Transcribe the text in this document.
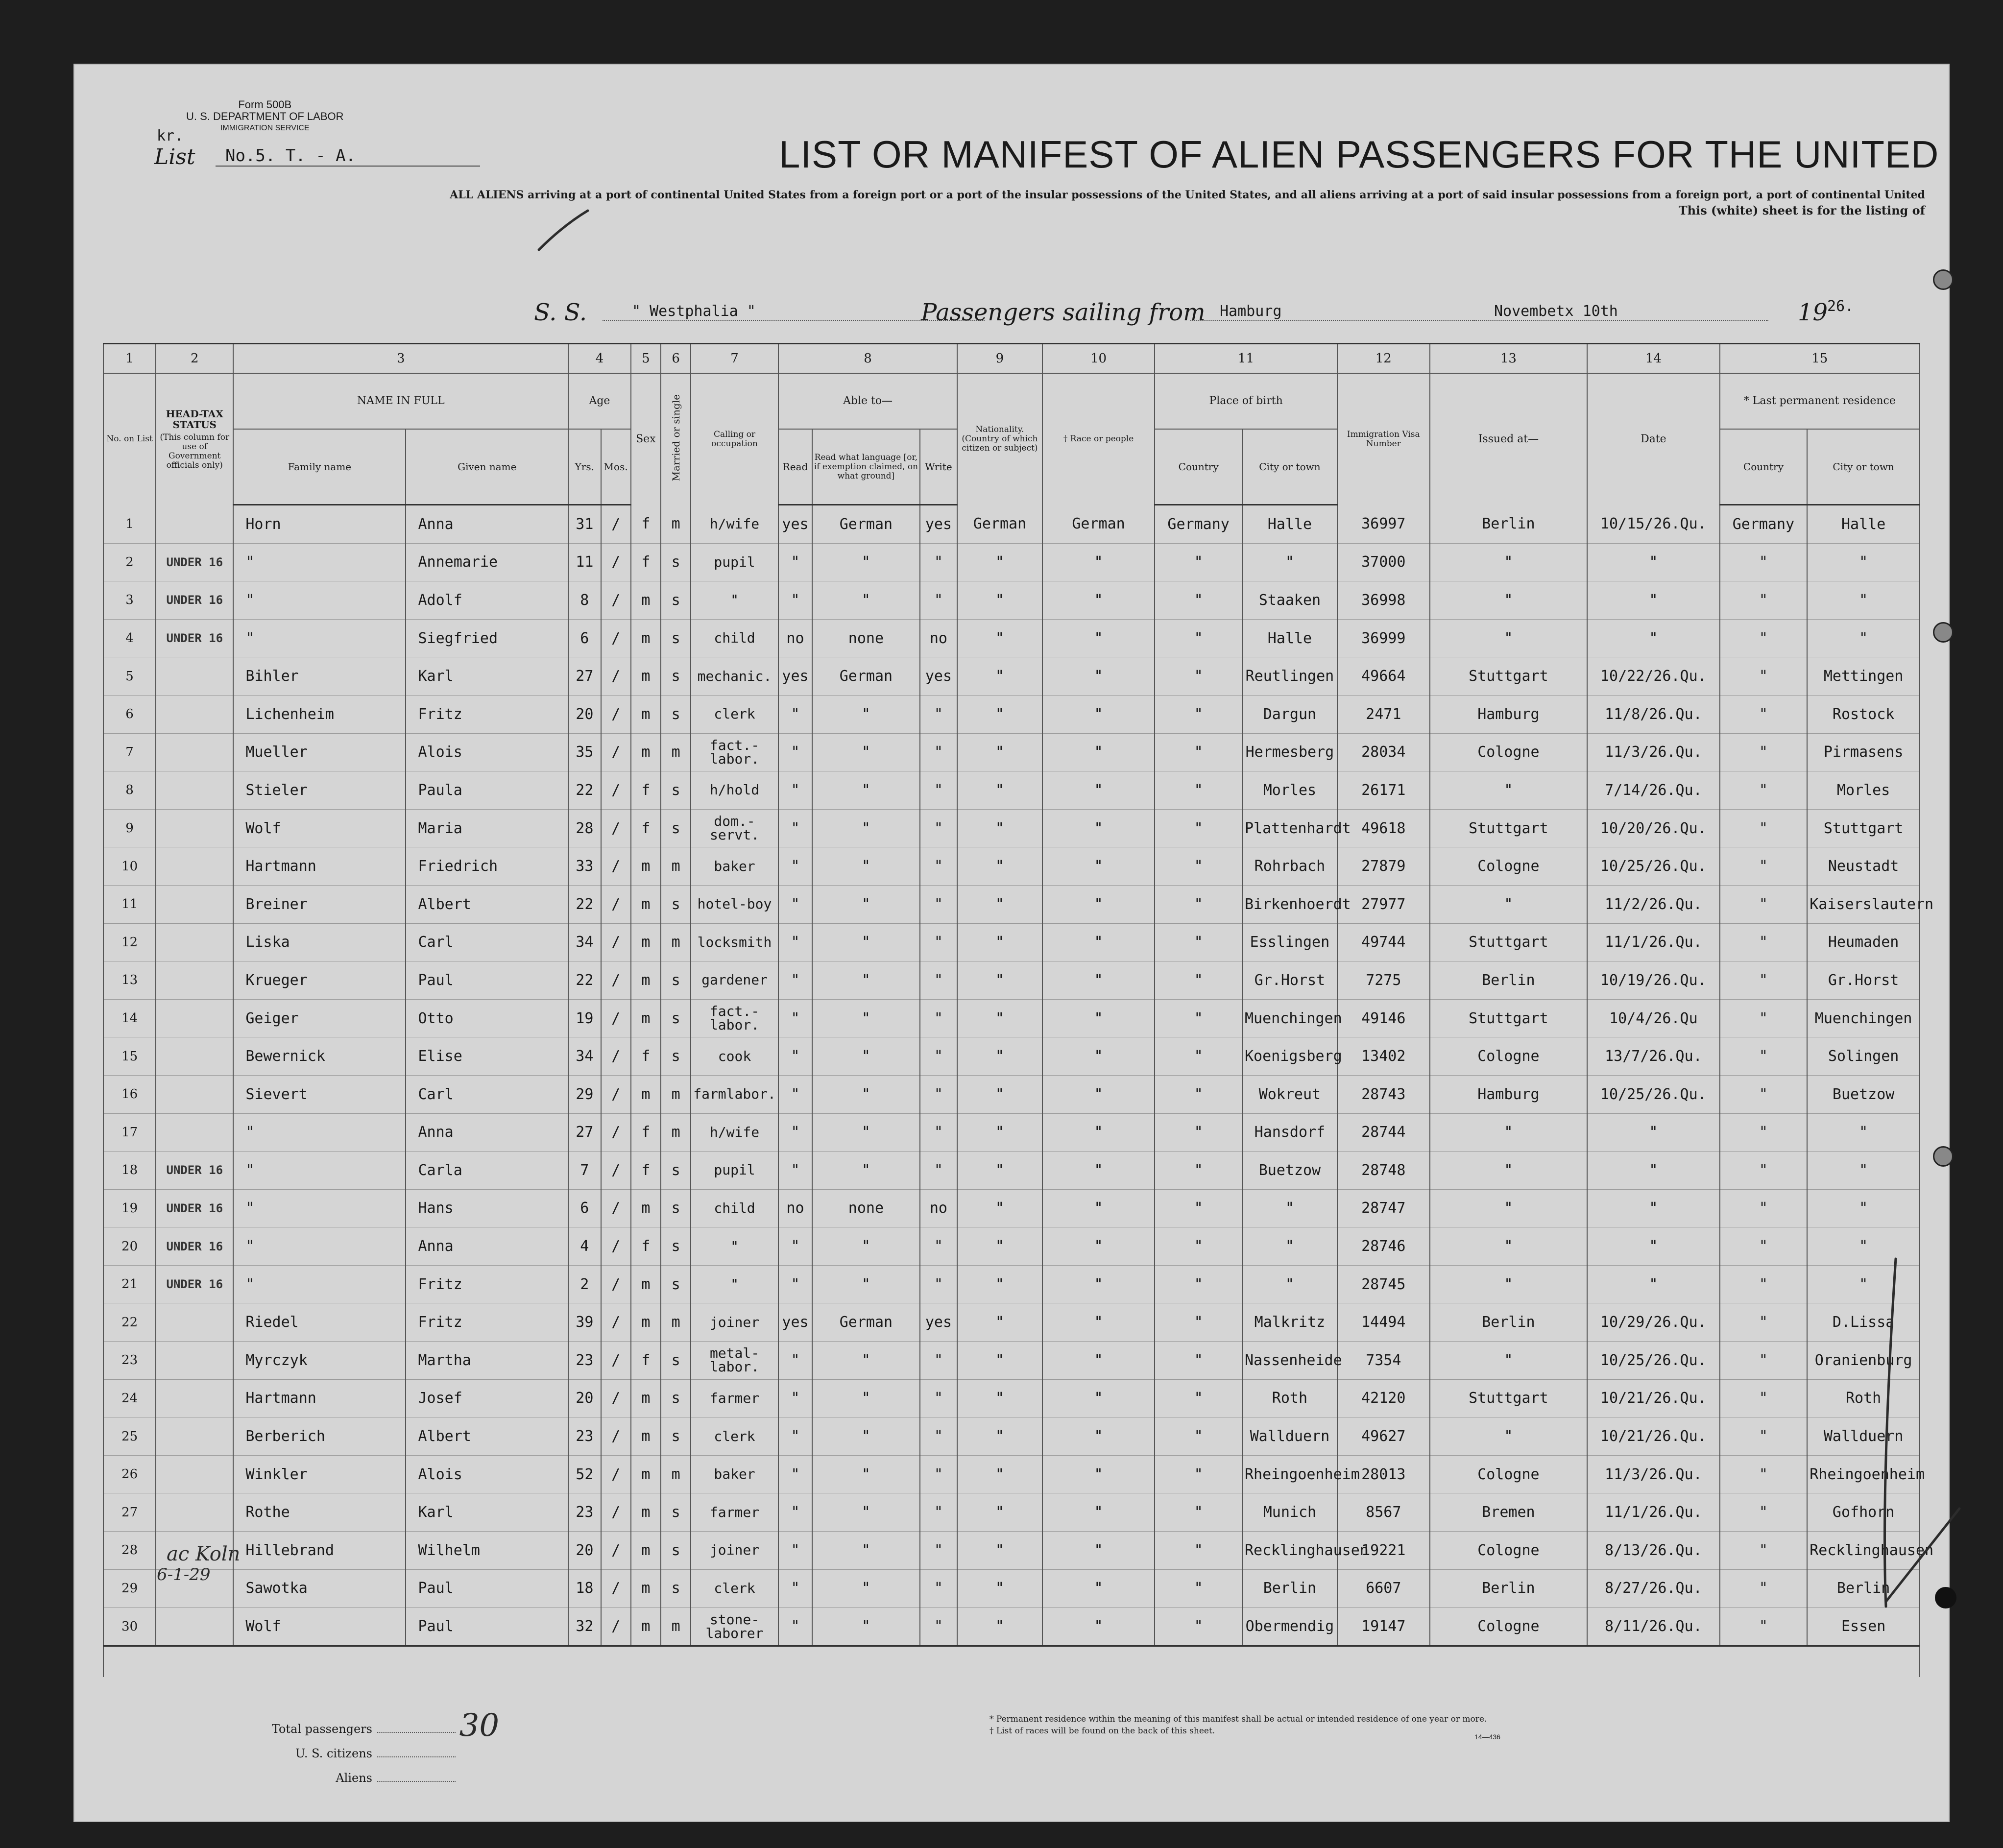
Form 500B
U. S. DEPARTMENT OF LABOR
IMMIGRATION SERVICE
kr.
List	No.5. T. - A.	LIST OR MANIFEST OF ALIEN PASSENGERS FOR THE UNITED
ALL ALIENS arriving at a port of continental United States from a foreign port or a port of the insular possessions of the United States, and all aliens arriving at a port of said insular possessions from a foreign port, a port of continental United
This (white) sheet is for the listing of
S. S.	" Westphalia "	Passengers sailing from Hamburg	Novembetx 10th	19
26.
1	2	3		4		5	6	7	8			9	10	11		12	13	14	15	
No. on List	HEAD-TAX STATUS
(This column for use of Government officials only)	NAME IN FULL		Age		Sex	Married or single	Calling or occupation	Able to—			Nationality. (Country of which citizen or subject)	† Race or people	Place of birth		Immigration Visa Number	Issued at—	Date	* Last permanent residence	
		Family name	Given name	Yrs.	Mos.				Read	Read what language [or, if exemption claimed, on what ground]	Write			Country	City or town				Country	City or town
1		Horn	Anna	31	/	f	m	h/wife	yes	German	yes	German	German	Germany	Halle	36997	Berlin	10/15/26.Qu.	Germany	Halle
2	UNDER 16	"	Annemarie	11	/	f	s	pupil	"	"	"	"	"	"	"	37000	"	"	"	"
3	UNDER 16	"	Adolf	8	/	m	s	"	"	"	"	"	"	"	Staaken	36998	"	"	"	"
4	UNDER 16	"	Siegfried	6	/	m	s	child	no	none	no	"	"	"	Halle	36999	"	"	"	"
5		Bihler	Karl	27	/	m	s	mechanic.	yes	German	yes	"	"	"	Reutlingen	49664	Stuttgart	10/22/26.Qu.	"	Mettingen
6		Lichenheim	Fritz	20	/	m	s	clerk	"	"	"	"	"	"	Dargun	2471	Hamburg	11/8/26.Qu.	"	Rostock
7		Mueller	Alois	35	/	m	m	fact.-labor.	"	"	"	"	"	"	Hermesberg	28034	Cologne	11/3/26.Qu.	"	Pirmasens
8		Stieler	Paula	22	/	f	s	h/hold	"	"	"	"	"	"	Morles	26171	"	7/14/26.Qu.	"	Morles
9		Wolf	Maria	28	/	f	s	dom.-servt.	"	"	"	"	"	"	Plattenhardt	49618	Stuttgart	10/20/26.Qu.	"	Stuttgart
10		Hartmann	Friedrich	33	/	m	m	baker	"	"	"	"	"	"	Rohrbach	27879	Cologne	10/25/26.Qu.	"	Neustadt
11		Breiner	Albert	22	/	m	s	hotel-boy	"	"	"	"	"	"	Birkenhoerdt	27977	"	11/2/26.Qu.	"	Kaiserslautern
12		Liska	Carl	34	/	m	m	locksmith	"	"	"	"	"	"	Esslingen	49744	Stuttgart	11/1/26.Qu.	"	Heumaden
13		Krueger	Paul	22	/	m	s	gardener	"	"	"	"	"	"	Gr.Horst	7275	Berlin	10/19/26.Qu.	"	Gr.Horst
14		Geiger	Otto	19	/	m	s	fact.-labor.	"	"	"	"	"	"	Muenchingen	49146	Stuttgart	10/4/26.Qu	"	Muenchingen
15		Bewernick	Elise	34	/	f	s	cook	"	"	"	"	"	"	Koenigsberg	13402	Cologne	13/7/26.Qu.	"	Solingen
16		Sievert	Carl	29	/	m	m	farmlabor.	"	"	"	"	"	"	Wokreut	28743	Hamburg	10/25/26.Qu.	"	Buetzow
17		"	Anna	27	/	f	m	h/wife	"	"	"	"	"	"	Hansdorf	28744	"	"	"	"
18	UNDER 16	"	Carla	7	/	f	s	pupil	"	"	"	"	"	"	Buetzow	28748	"	"	"	"
19	UNDER 16	"	Hans	6	/	m	s	child	no	none	no	"	"	"	"	28747	"	"	"	"
20	UNDER 16	"	Anna	4	/	f	s	"	"	"	"	"	"	"	"	28746	"	"	"	"
21	UNDER 16	"	Fritz	2	/	m	s	"	"	"	"	"	"	"	"	28745	"	"	"	"
22		Riedel	Fritz	39	/	m	m	joiner	yes	German	yes	"	"	"	Malkritz	14494	Berlin	10/29/26.Qu.	"	D.Lissa
23		Myrczyk	Martha	23	/	f	s	metal-labor.	"	"	"	"	"	"	Nassenheide	7354	"	10/25/26.Qu.	"	Oranienburg
24		Hartmann	Josef	20	/	m	s	farmer	"	"	"	"	"	"	Roth	42120	Stuttgart	10/21/26.Qu.	"	Roth
25		Berberich	Albert	23	/	m	s	clerk	"	"	"	"	"	"	Wallduern	49627	"	10/21/26.Qu.	"	Wallduern
26		Winkler	Alois	52	/	m	m	baker	"	"	"	"	"	"	Rheingoenheim	28013	Cologne	11/3/26.Qu.	"	Rheingoenheim
27		Rothe	Karl	23	/	m	s	farmer	"	"	"	"	"	"	Munich	8567	Bremen	11/1/26.Qu.	"	Gofhorn
28		Hillebrand	Wilhelm	20	/	m	s	joiner	"	"	"	"	"	"	Recklinghausen	19221	Cologne	8/13/26.Qu.	"	Recklinghausen
29		Sawotka	Paul	18	/	m	s	clerk	"	"	"	"	"	"	Berlin	6607	Berlin	8/27/26.Qu.	"	Berlin
30		Wolf	Paul	32	/	m	m	stone-laborer	"	"	"	"	"	"	Obermendig	19147	Cologne	8/11/26.Qu.	"	Essen

ac Koln
6-1-29
Total passengers	30
U. S. citizens
Aliens
* Permanent residence within the meaning of this manifest shall be actual or intended residence of one year or more.
† List of races will be found on the back of this sheet.
14—436
